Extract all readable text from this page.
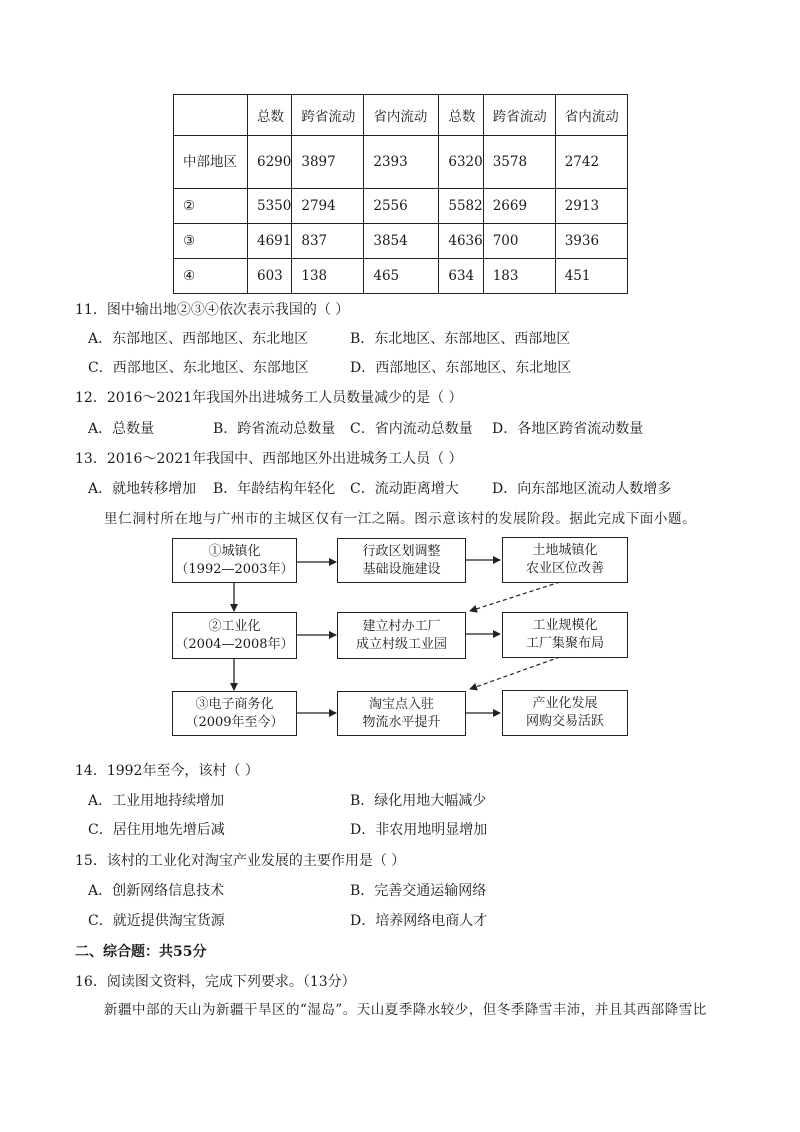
	总数	跨省流动	省内流动	总数	跨省流动	省内流动
中部地区	6290	3897	2393	6320	3578	2742
②	5350	2794	2556	5582	2669	2913
③	4691	837	3854	4636	700	3936
④	603	138	465	634	183	451
11．图中输出地②③④依次表示我国的（ ）
A．东部地区、西部地区、东北地区	B．东北地区、东部地区、西部地区
C．西部地区、东北地区、东部地区	D．西部地区、东部地区、东北地区
12．2016～2021年我国外出进城务工人员数量减少的是（ ）
A．总数量	B．跨省流动总数量 C．省内流动总数量 D．各地区跨省流动数量
13．2016～2021年我国中、西部地区外出进城务工人员（ ）
A．就地转移增加 B．年龄结构年轻化 C．流动距离增大 D．向东部地区流动人数增多
里仁洞村所在地与广州市的主城区仅有一江之隔。图示意该村的发展阶段。据此完成下面小题。
①城镇化
（1992—2003年）
②工业化
（2004—2008年）
③电子商务化
（2009年至今）
行政区划调整
基础设施建设
建立村办工厂
成立村级工业园
淘宝点入驻
物流水平提升
土地城镇化
农业区位改善
工业规模化
工厂集聚布局
产业化发展
网购交易活跃
14．1992年至今，该村（ ）
A．工业用地持续增加	B．绿化用地大幅减少
C．居住用地先增后减	D．非农用地明显增加
15．该村的工业化对淘宝产业发展的主要作用是（ ）
A．创新网络信息技术	B．完善交通运输网络
C．就近提供淘宝货源	D．培养网络电商人才
二、综合题：共55分
16．阅读图文资料，完成下列要求。（13分）
新疆中部的天山为新疆干旱区的“湿岛”。天山夏季降水较少，但冬季降雪丰沛，并且其西部降雪比
